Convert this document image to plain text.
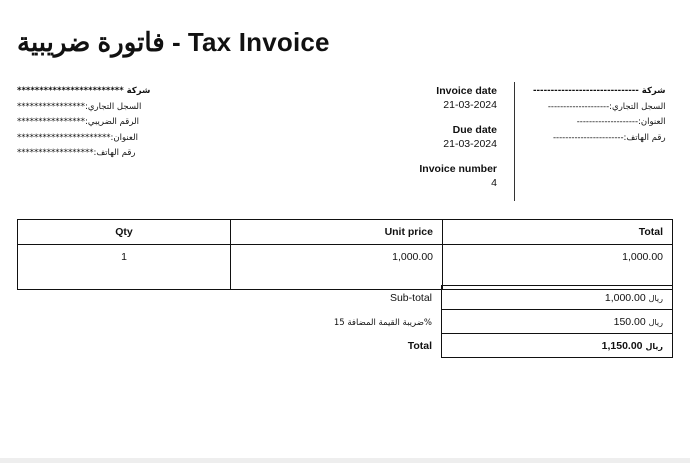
فاتورة ضريبية - Tax Invoice
شركة ************************
السجل التجاري:****************
الرقم الضريبي:****************
العنوان:**********************
رقم الهاتف:******************
Invoice date
21-03-2024
Due date
21-03-2024
Invoice number
4
شركة ------------------------------
السجل التجاري:--------------------
العنوان:--------------------
رقم الهاتف:-----------------------
Qty	Unit price	Total
1	1,000.00	1,000.00
Sub-total	ريال 1,000.00
ضريبة القيمة المضافة 15%	ريال 150.00
Total	ريال 1,150.00
